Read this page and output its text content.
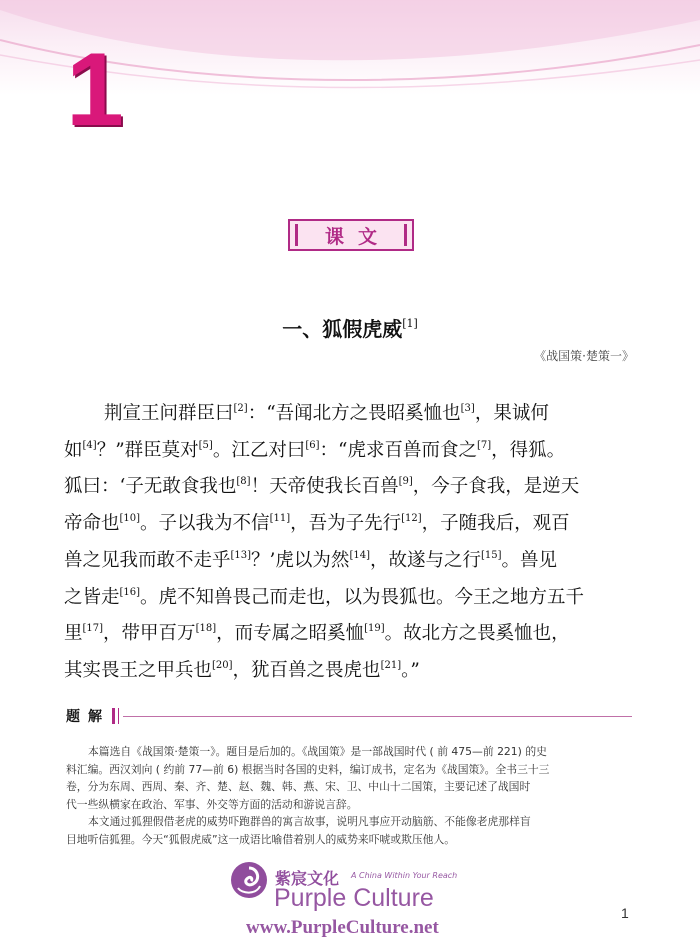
1
课文
一、狐假虎威[1]
《战国策·楚策一》
荆宣王问群臣曰[2]：“吾闻北方之畏昭奚恤也[3]，果诚何
如[4]？”群臣莫对[5]。江乙对曰[6]：“虎求百兽而食之[7]，得狐。
狐曰：‘子无敢食我也[8]！天帝使我长百兽[9]，今子食我，是逆天
帝命也[10]。子以我为不信[11]，吾为子先行[12]，子随我后，观百
兽之见我而敢不走乎[13]？’虎以为然[14]，故遂与之行[15]。兽见
之皆走[16]。虎不知兽畏己而走也，以为畏狐也。今王之地方五千
里[17]，带甲百万[18]，而专属之昭奚恤[19]。故北方之畏奚恤也，
其实畏王之甲兵也[20]，犹百兽之畏虎也[21]。”
题解
本篇选自《战国策·楚策一》。题目是后加的。《战国策》是一部战国时代 ( 前 475—前 221) 的史
料汇编。西汉刘向 ( 约前 77—前 6) 根据当时各国的史料，编订成书，定名为《战国策》。全书三十三
卷，分为东周、西周、秦、齐、楚、赵、魏、韩、燕、宋、卫、中山十二国策，主要记述了战国时
代一些纵横家在政治、军事、外交等方面的活动和游说言辞。
本文通过狐狸假借老虎的威势吓跑群兽的寓言故事，说明凡事应开动脑筋、不能像老虎那样盲
目地听信狐狸。今天“狐假虎威”这一成语比喻借着别人的威势来吓唬或欺压他人。
紫宸文化 A China Within Your Reach
Purple Culture
www.PurpleCulture.net
1
